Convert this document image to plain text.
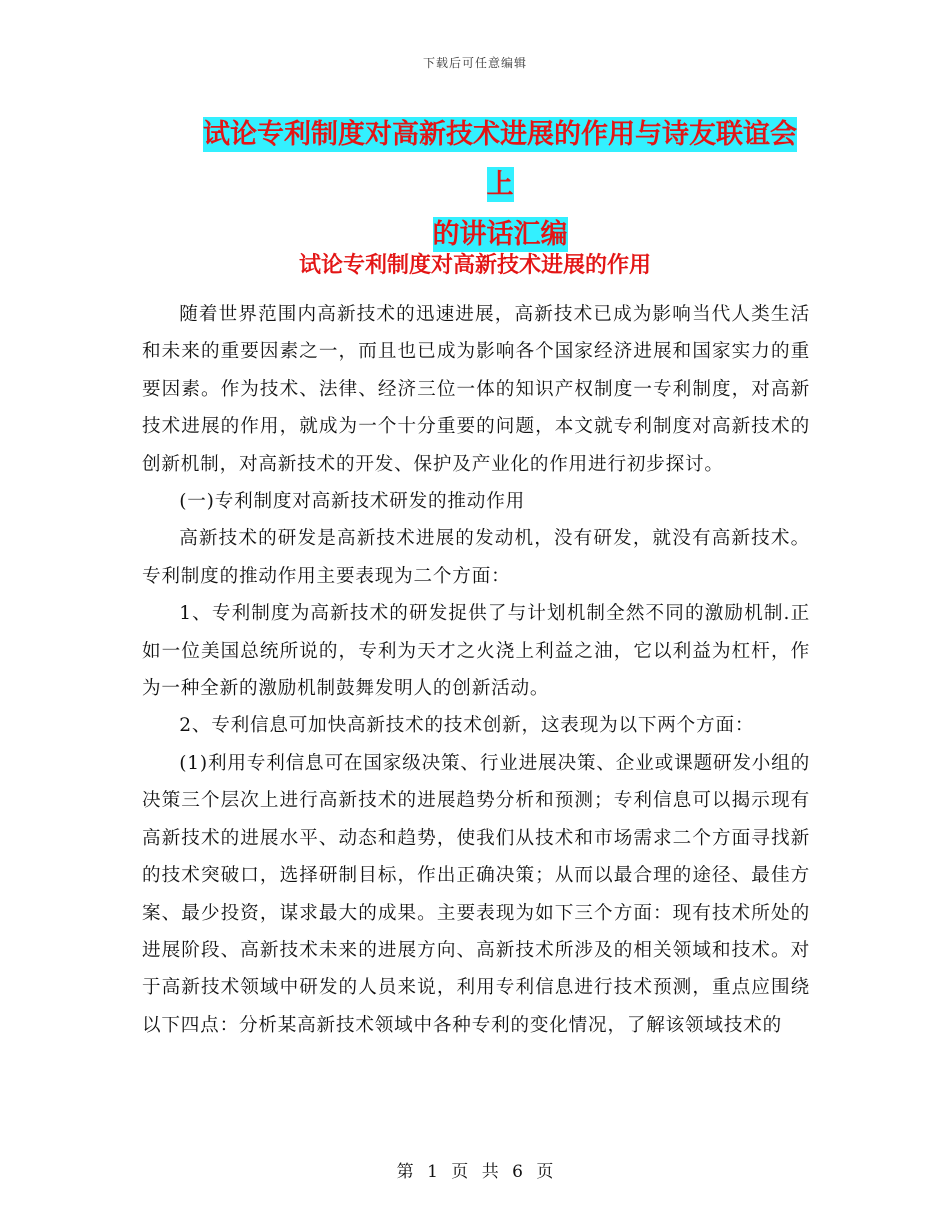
下载后可任意编辑
试论专利制度对高新技术进展的作用与诗友联谊会上
的讲话汇编
试论专利制度对高新技术进展的作用

随着世界范围内高新技术的迅速进展，高新技术已成为影响当代人类生活和未来的重要因素之一，而且也已成为影响各个国家经济进展和国家实力的重要因素。作为技术、法律、经济三位一体的知识产权制度一专利制度，对高新技术进展的作用，就成为一个十分重要的问题，本文就专利制度对高新技术的创新机制，对高新技术的开发、保护及产业化的作用进行初步探讨。

(一)专利制度对高新技术研发的推动作用

高新技术的研发是高新技术进展的发动机，没有研发，就没有高新技术。专利制度的推动作用主要表现为二个方面：

1、专利制度为高新技术的研发捉供了与计划机制全然不同的激励机制.正如一位美国总统所说的，专利为天才之火浇上利益之油，它以利益为杠杆，作为一种全新的激励机制鼓舞发明人的创新活动。

2、专利信息可加快高新技术的技术创新，这表现为以下两个方面：

(1)利用专利信息可在国家级决策、行业进展决策、企业或课题研发小组的决策三个层次上进行高新技术的进展趋势分析和预测；专利信息可以揭示现有高新技术的进展水平、动态和趋势，使我们从技术和市场需求二个方面寻找新的技术突破口，选择研制目标，作出正确决策；从而以最合理的途径、最佳方案、最少投资，谋求最大的成果。主要表现为如下三个方面：现有技术所处的进展阶段、高新技术未来的进展方向、高新技术所涉及的相关领域和技术。对于高新技术领域中研发的人员来说，利用专利信息进行技术预测，重点应围绕以下四点：分析某高新技术领域中各种专利的变化情况，了解该领域技术的

第 1 页 共 6 页
